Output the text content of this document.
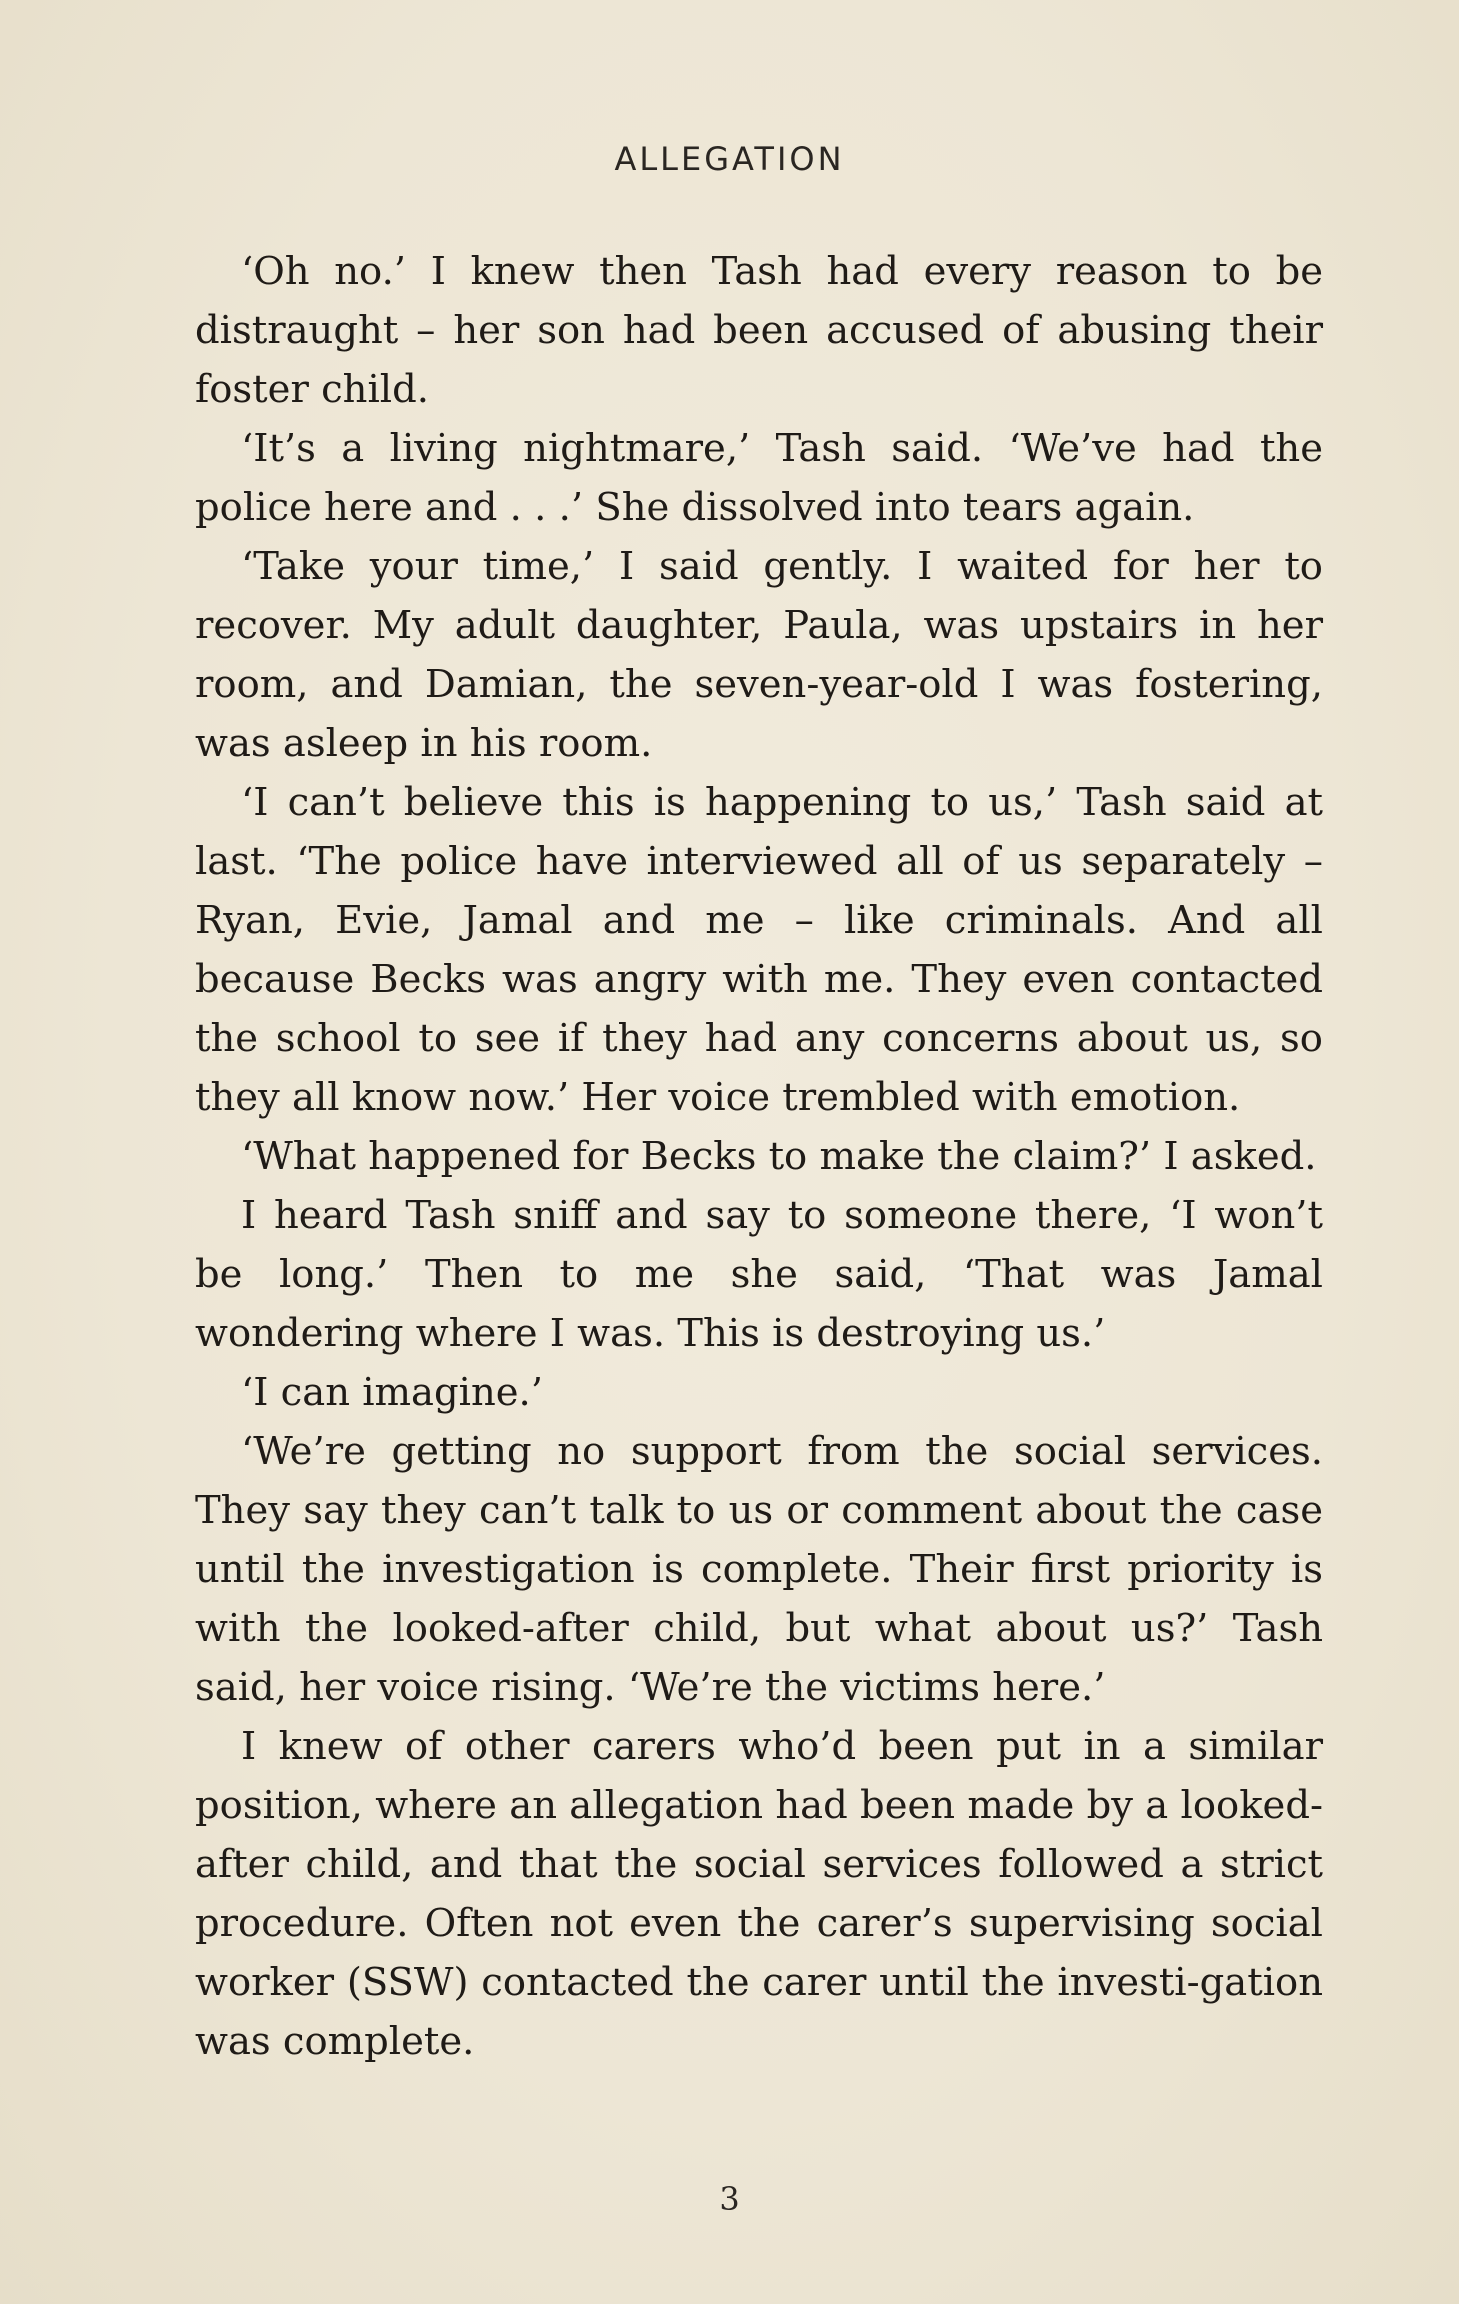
ALLEGATION

‘Oh no.’ I knew then Tash had every reason to be distraught – her son had been accused of abusing their foster child.

‘It’s a living nightmare,’ Tash said. ‘We’ve had the police here and . . .’ She dissolved into tears again.

‘Take your time,’ I said gently. I waited for her to recover. My adult daughter, Paula, was upstairs in her room, and Damian, the seven-year-old I was fostering, was asleep in his room.

‘I can’t believe this is happening to us,’ Tash said at last. ‘The police have interviewed all of us separately – Ryan, Evie, Jamal and me – like criminals. And all because Becks was angry with me. They even contacted the school to see if they had any concerns about us, so they all know now.’ Her voice trembled with emotion.

‘What happened for Becks to make the claim?’ I asked.

I heard Tash sniff and say to someone there, ‘I won’t be long.’ Then to me she said, ‘That was Jamal wondering where I was. This is destroying us.’

‘I can imagine.’

‘We’re getting no support from the social services. They say they can’t talk to us or comment about the case until the investigation is complete. Their first priority is with the looked-after child, but what about us?’ Tash said, her voice rising. ‘We’re the victims here.’

I knew of other carers who’d been put in a similar position, where an allegation had been made by a looked-after child, and that the social services followed a strict procedure. Often not even the carer’s supervising social worker (SSW) contacted the carer until the investi-gation was complete.

3
